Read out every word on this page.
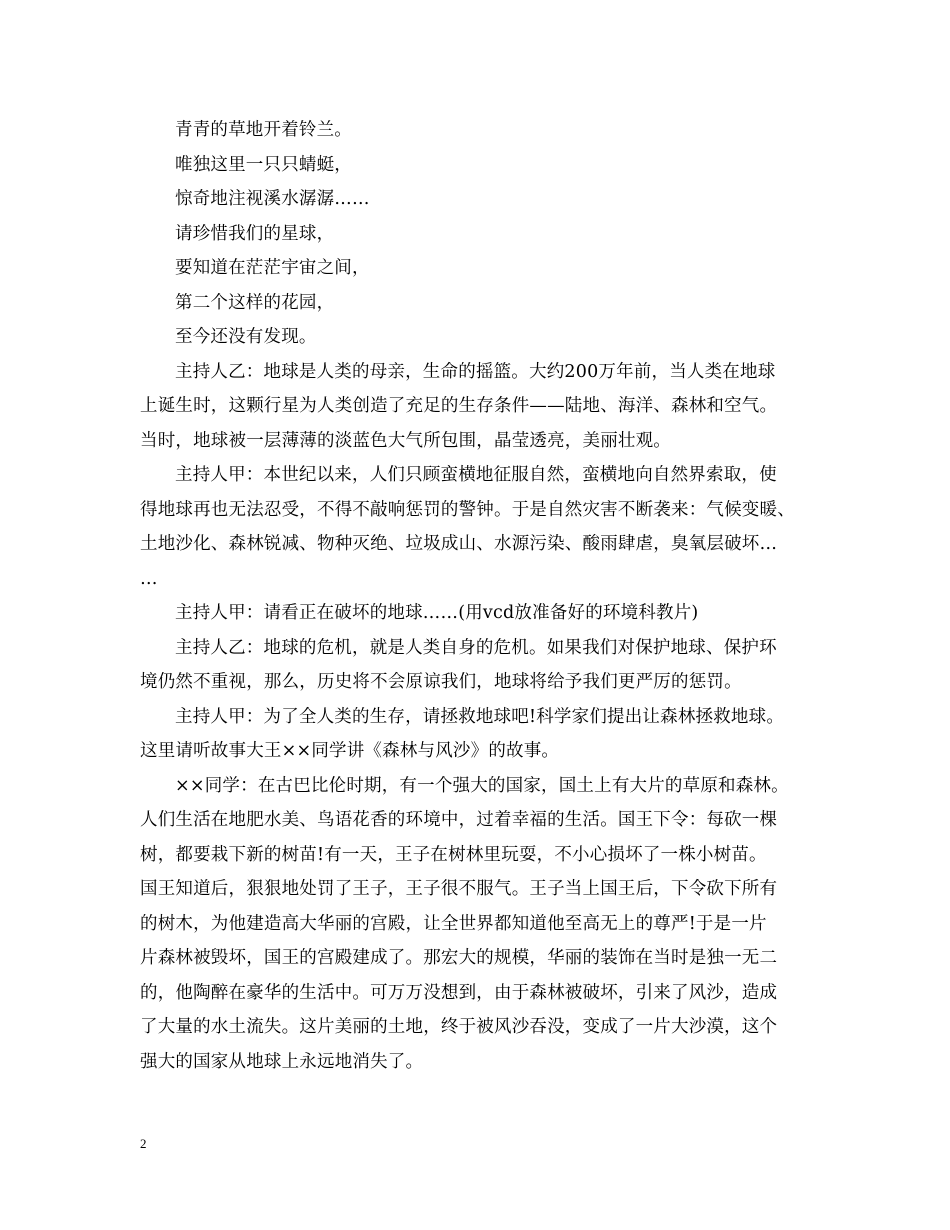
青青的草地开着铃兰。
唯独这里一只只蜻蜓，
惊奇地注视溪水潺潺……
请珍惜我们的星球，
要知道在茫茫宇宙之间，
第二个这样的花园，
至今还没有发现。
主持人乙：地球是人类的母亲，生命的摇篮。大约200万年前，当人类在地球
上诞生时，这颗行星为人类创造了充足的生存条件——陆地、海洋、森林和空气。
当时，地球被一层薄薄的淡蓝色大气所包围，晶莹透亮，美丽壮观。
主持人甲：本世纪以来，人们只顾蛮横地征服自然，蛮横地向自然界索取，使
得地球再也无法忍受，不得不敲响惩罚的警钟。于是自然灾害不断袭来：气候变暖、
土地沙化、森林锐减、物种灭绝、垃圾成山、水源污染、酸雨肆虐，臭氧层破坏…
…
主持人甲：请看正在破坏的地球……(用vcd放准备好的环境科教片)
主持人乙：地球的危机，就是人类自身的危机。如果我们对保护地球、保护环
境仍然不重视，那么，历史将不会原谅我们，地球将给予我们更严厉的惩罚。
主持人甲：为了全人类的生存，请拯救地球吧!科学家们提出让森林拯救地球。
这里请听故事大王××同学讲《森林与风沙》的故事。
××同学：在古巴比伦时期，有一个强大的国家，国土上有大片的草原和森林。
人们生活在地肥水美、鸟语花香的环境中，过着幸福的生活。国王下令：每砍一棵
树，都要栽下新的树苗!有一天，王子在树林里玩耍，不小心损坏了一株小树苗。
国王知道后，狠狠地处罚了王子，王子很不服气。王子当上国王后，下令砍下所有
的树木，为他建造高大华丽的宫殿，让全世界都知道他至高无上的尊严!于是一片
片森林被毁坏，国王的宫殿建成了。那宏大的规模，华丽的装饰在当时是独一无二
的，他陶醉在豪华的生活中。可万万没想到，由于森林被破坏，引来了风沙，造成
了大量的水土流失。这片美丽的土地，终于被风沙吞没，变成了一片大沙漠，这个
强大的国家从地球上永远地消失了。
2
